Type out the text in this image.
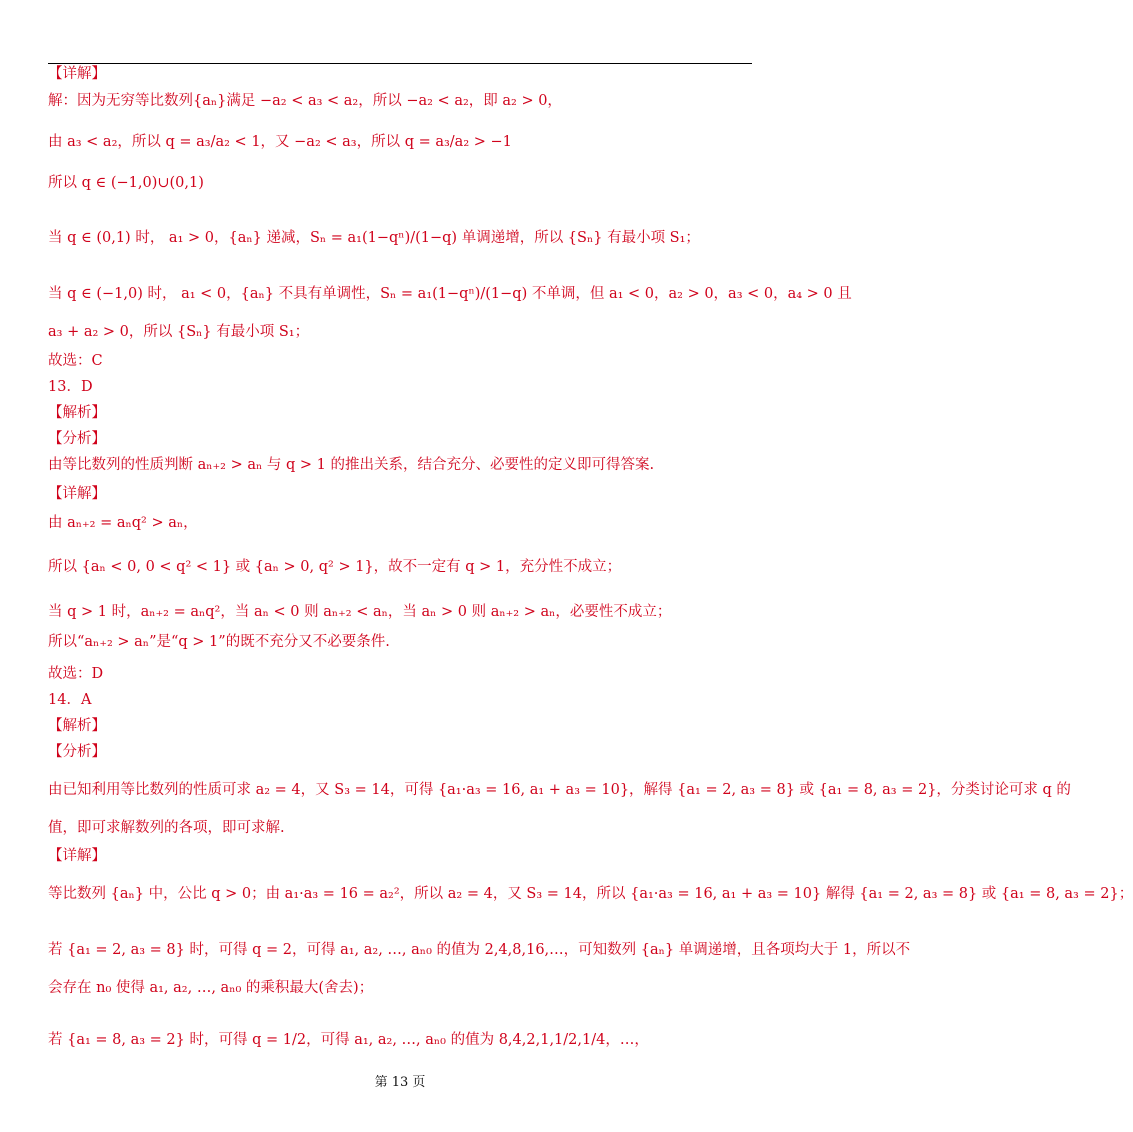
【详解】
解：因为无穷等比数列{aₙ}满足 −a₂ < a₃ < a₂，所以 −a₂ < a₂，即 a₂ > 0，
由 a₃ < a₂，所以 q = a₃/a₂ < 1，又 −a₂ < a₃，所以 q = a₃/a₂ > −1
所以 q ∈ (−1,0)∪(0,1)
当 q ∈ (0,1) 时， a₁ > 0，{aₙ} 递减，Sₙ = a₁(1−qⁿ)/(1−q) 单调递增，所以 {Sₙ} 有最小项 S₁；
当 q ∈ (−1,0) 时， a₁ < 0，{aₙ} 不具有单调性，Sₙ = a₁(1−qⁿ)/(1−q) 不单调，但 a₁ < 0，a₂ > 0，a₃ < 0，a₄ > 0 且
a₃ + a₂ > 0，所以 {Sₙ} 有最小项 S₁；
故选：C
13．D
【解析】
【分析】
由等比数列的性质判断 aₙ₊₂ > aₙ 与 q > 1 的推出关系，结合充分、必要性的定义即可得答案.
【详解】
由 aₙ₊₂ = aₙq² > aₙ，
所以 {aₙ < 0, 0 < q² < 1} 或 {aₙ > 0, q² > 1}，故不一定有 q > 1，充分性不成立；
当 q > 1 时，aₙ₊₂ = aₙq²，当 aₙ < 0 则 aₙ₊₂ < aₙ，当 aₙ > 0 则 aₙ₊₂ > aₙ，必要性不成立；
所以“aₙ₊₂ > aₙ”是“q > 1”的既不充分又不必要条件.
故选：D
14．A
【解析】
【分析】
由已知利用等比数列的性质可求 a₂ = 4，又 S₃ = 14，可得 {a₁·a₃ = 16, a₁ + a₃ = 10}，解得 {a₁ = 2, a₃ = 8} 或 {a₁ = 8, a₃ = 2}，分类讨论可求 q 的
值，即可求解数列的各项，即可求解.
【详解】
等比数列 {aₙ} 中，公比 q > 0；由 a₁·a₃ = 16 = a₂²，所以 a₂ = 4，又 S₃ = 14，所以 {a₁·a₃ = 16, a₁ + a₃ = 10} 解得 {a₁ = 2, a₃ = 8} 或 {a₁ = 8, a₃ = 2}；
若 {a₁ = 2, a₃ = 8} 时，可得 q = 2，可得 a₁, a₂, …, aₙ₀ 的值为 2,4,8,16,…，可知数列 {aₙ} 单调递增，且各项均大于 1，所以不
会存在 n₀ 使得 a₁, a₂, …, aₙ₀ 的乘积最大(舍去)；
若 {a₁ = 8, a₃ = 2} 时，可得 q = 1/2，可得 a₁, a₂, …, aₙ₀ 的值为 8,4,2,1,1/2,1/4，…，
第 13 页
